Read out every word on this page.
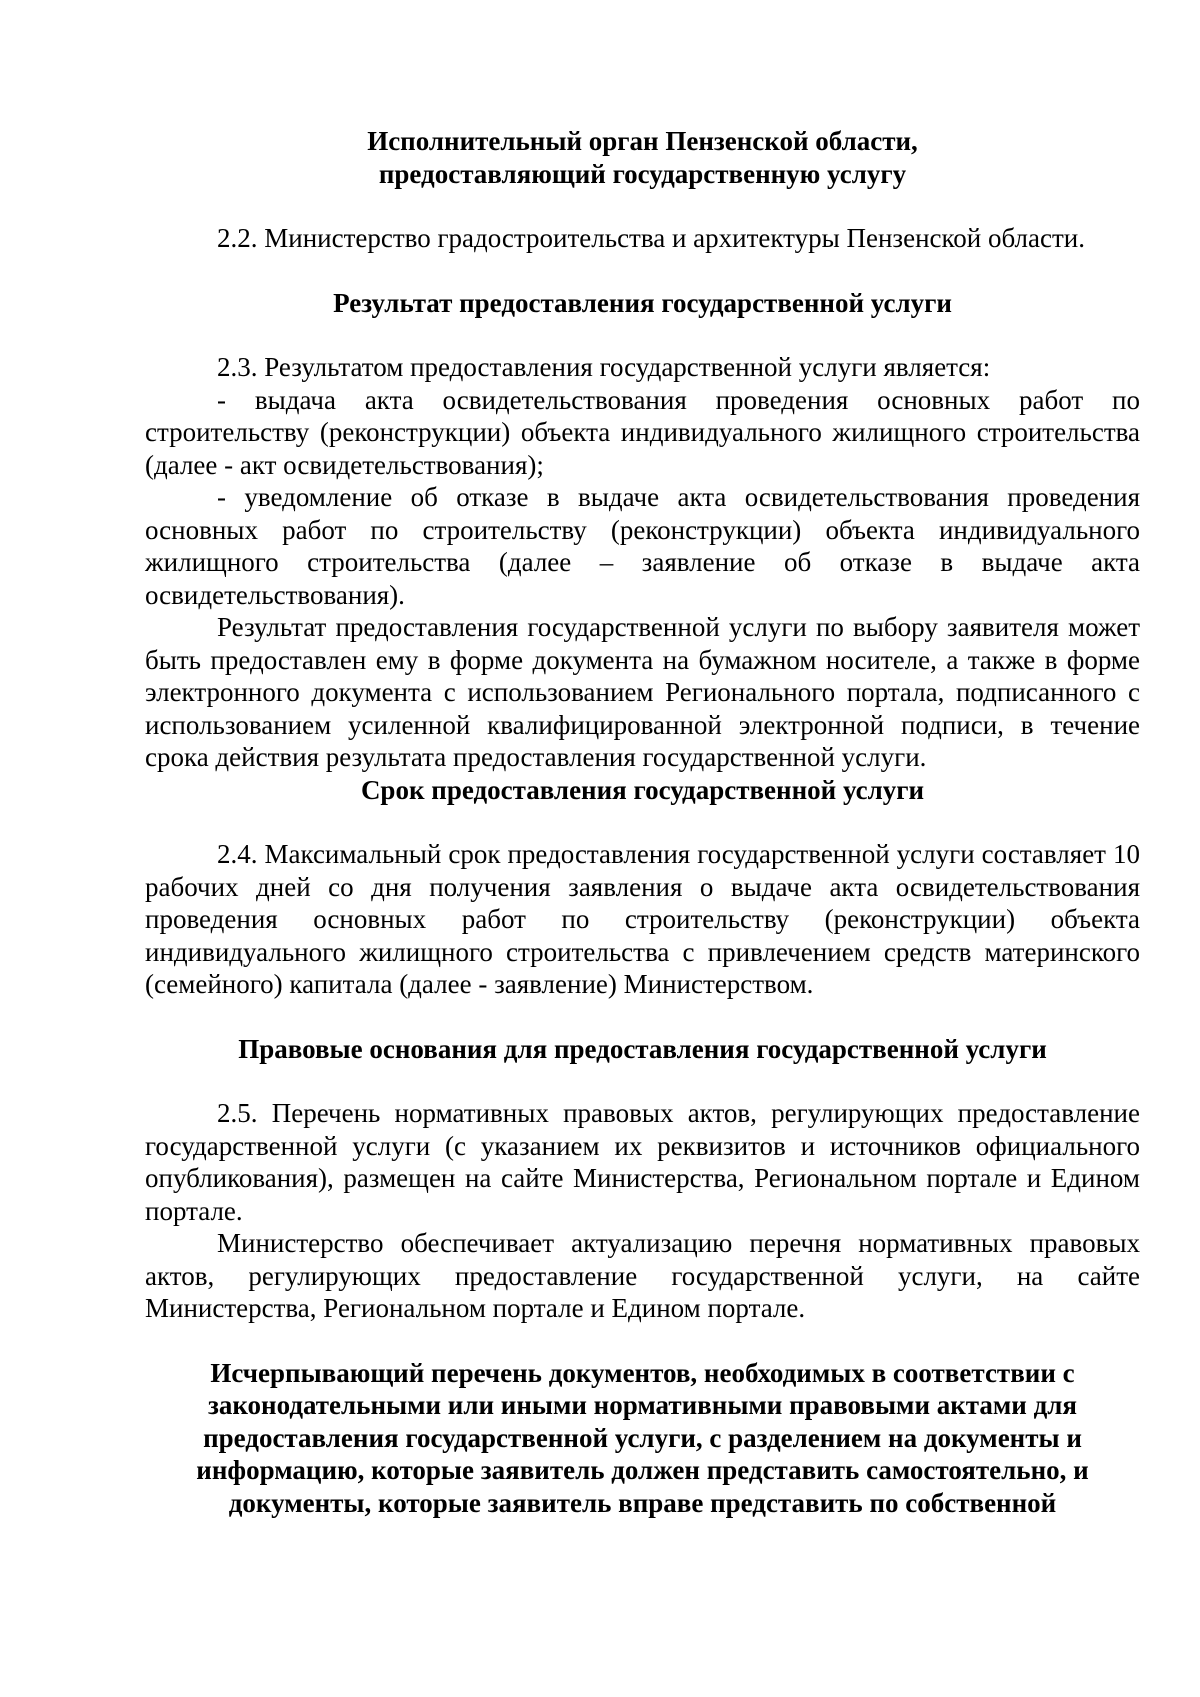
Исполнительный орган Пензенской области,
предоставляющий государственную услугу

2.2. Министерство градостроительства и архитектуры Пензенской области.

Результат предоставления государственной услуги

2.3. Результатом предоставления государственной услуги является:

- выдача акта освидетельствования проведения основных работ по строительству (реконструкции) объекта индивидуального жилищного строительства (далее - акт освидетельствования);

- уведомление об отказе в выдаче акта освидетельствования проведения основных работ по строительству (реконструкции) объекта индивидуального жилищного строительства (далее – заявление об отказе в выдаче акта освидетельствования).

Результат предоставления государственной услуги по выбору заявителя может быть предоставлен ему в форме документа на бумажном носителе, а также в форме электронного документа с использованием Регионального портала, подписанного с использованием усиленной квалифицированной электронной подписи, в течение срока действия результата предоставления государственной услуги.

Срок предоставления государственной услуги

2.4. Максимальный срок предоставления государственной услуги составляет 10 рабочих дней со дня получения заявления о выдаче акта освидетельствования проведения основных работ по строительству (реконструкции) объекта индивидуального жилищного строительства с привлечением средств материнского (семейного) капитала (далее - заявление) Министерством.

Правовые основания для предоставления государственной услуги

2.5. Перечень нормативных правовых актов, регулирующих предоставление государственной услуги (с указанием их реквизитов и источников официального опубликования), размещен на сайте Министерства, Региональном портале и Едином портале.

Министерство обеспечивает актуализацию перечня нормативных правовых актов, регулирующих предоставление государственной услуги, на сайте Министерства, Региональном портале и Едином портале.

Исчерпывающий перечень документов, необходимых в соответствии с
законодательными или иными нормативными правовыми актами для
предоставления государственной услуги, с разделением на документы и
информацию, которые заявитель должен представить самостоятельно, и
документы, которые заявитель вправе представить по собственной
